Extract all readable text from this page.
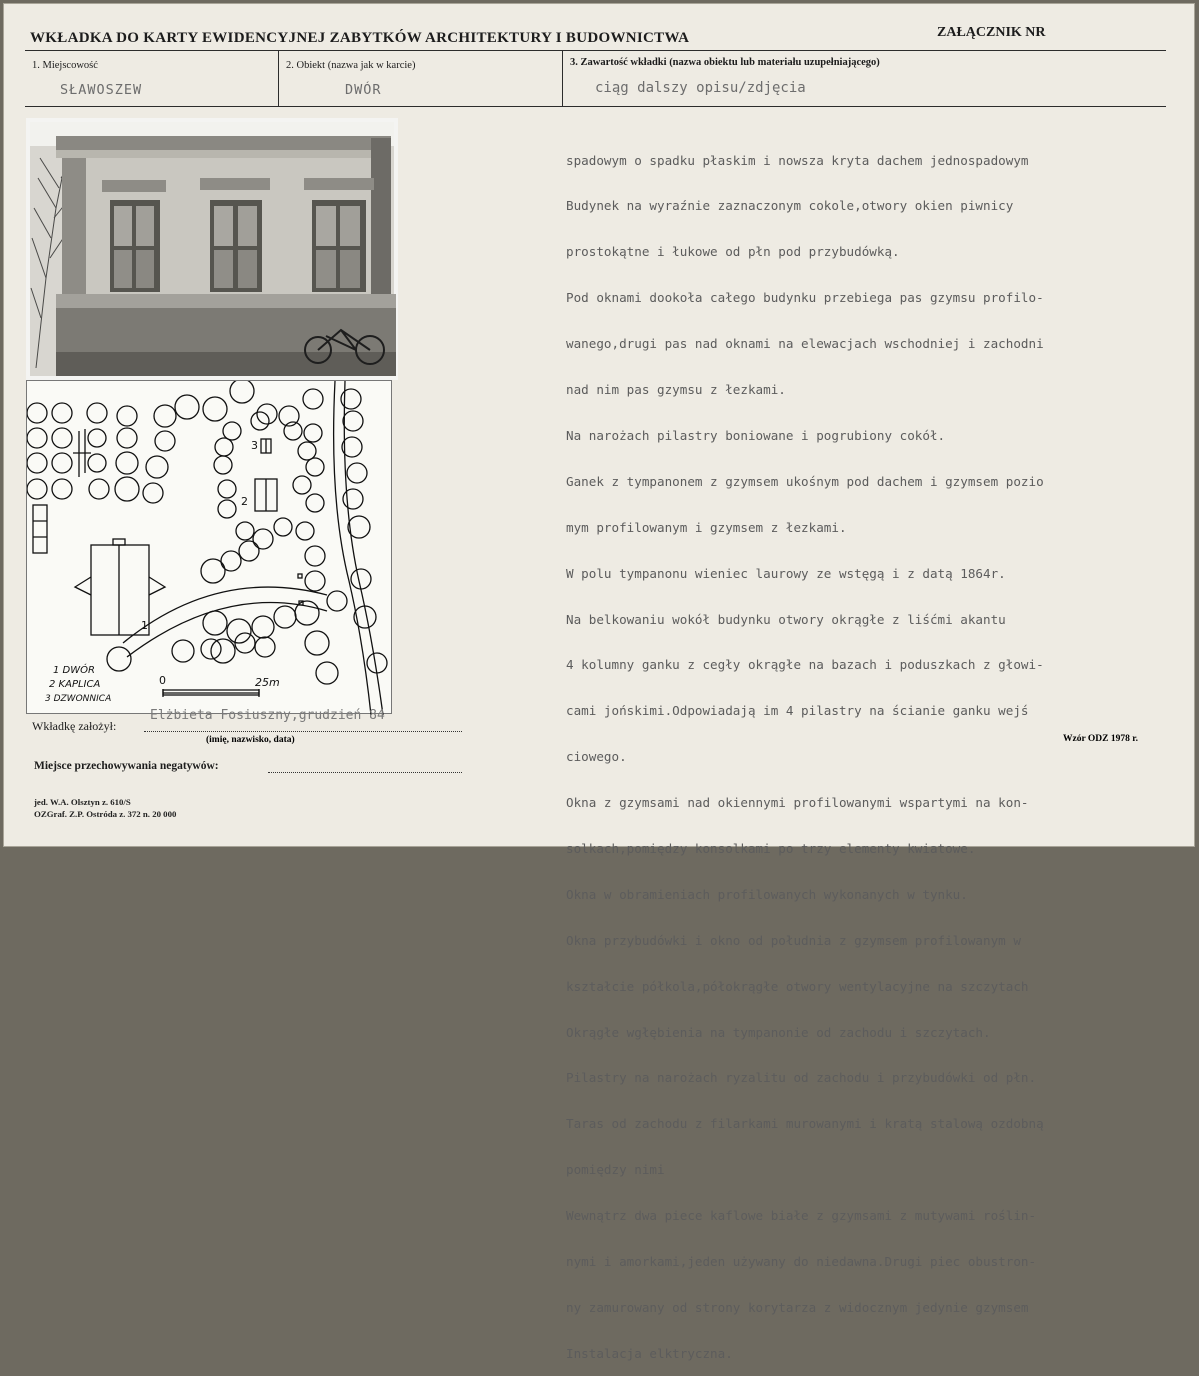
WKŁADKA DO KARTY EWIDENCYJNEJ ZABYTKÓW ARCHITEKTURY I BUDOWNICTWA	ZAŁĄCZNIK NR
1. Miejscowość
SŁAWOSZEW
2. Obiekt (nazwa jak w karcie)
DWÓR
3. Zawartość wkładki (nazwa obiektu lub materiału uzupełniającego)
ciąg dalszy opisu/zdjęcia
1
2
3
1 DWÓR
2 KAPLICA
3 DZWONNICA
0	25m

spadowym o spadku płaskim i nowsza kryta dachem jednospadowym

Budynek na wyraźnie zaznaczonym cokole,otwory okien piwnicy

prostokątne i łukowe od płn pod przybudówką.

Pod oknami dookoła całego budynku przebiega pas gzymsu profilo-

wanego,drugi pas nad oknami na elewacjach wschodniej i zachodni

nad nim pas gzymsu z łezkami.

Na narożach pilastry boniowane i pogrubiony cokół.

Ganek z tympanonem z gzymsem ukośnym pod dachem i gzymsem pozio

mym profilowanym i gzymsem z łezkami.

W polu tympanonu wieniec laurowy ze wstęgą i z datą 1864r.

Na belkowaniu wokół budynku otwory okrągłe z liśćmi akantu

4 kolumny ganku z cegły okrągłe na bazach i poduszkach z głowi-

cami jońskimi.Odpowiadają im 4 pilastry na ścianie ganku wejś

ciowego.

Okna z gzymsami nad okiennymi profilowanymi wspartymi na kon-

solkach,pomiędzy konsolkami po trzy elementy kwiatowe.

Okna w obramieniach profilowanych wykonanych w tynku.

Okna przybudówki i okno od południa z gzymsem profilowanym w

kształcie półkola,półokrągłe otwory wentylacyjne na szczytach

Okrągłe wgłębienia na tympanonie od zachodu i szczytach.

Pilastry na narożach ryzalitu od zachodu i przybudówki od płn.

Taras od zachodu z filarkami murowanymi i kratą stalową ozdobną

pomiędzy nimi

Wewnątrz dwa piece kaflowe białe z gzymsami z mutywami roślin-

nymi i amorkami,jeden używany do niedawna.Drugi piec obustron-

ny zamurowany od strony korytarza z widocznym jedynie gzymsem

Instalacja elktryczna.

Wkładkę założył:
Elżbieta Fosiuszny,grudzień 84
(imię, nazwisko, data)
Miejsce przechowywania negatywów:
Wzór ODZ 1978 r.
jed. W.A. Olsztyn z. 610/S
OZGraf. Z.P. Ostróda z. 372 n. 20 000
